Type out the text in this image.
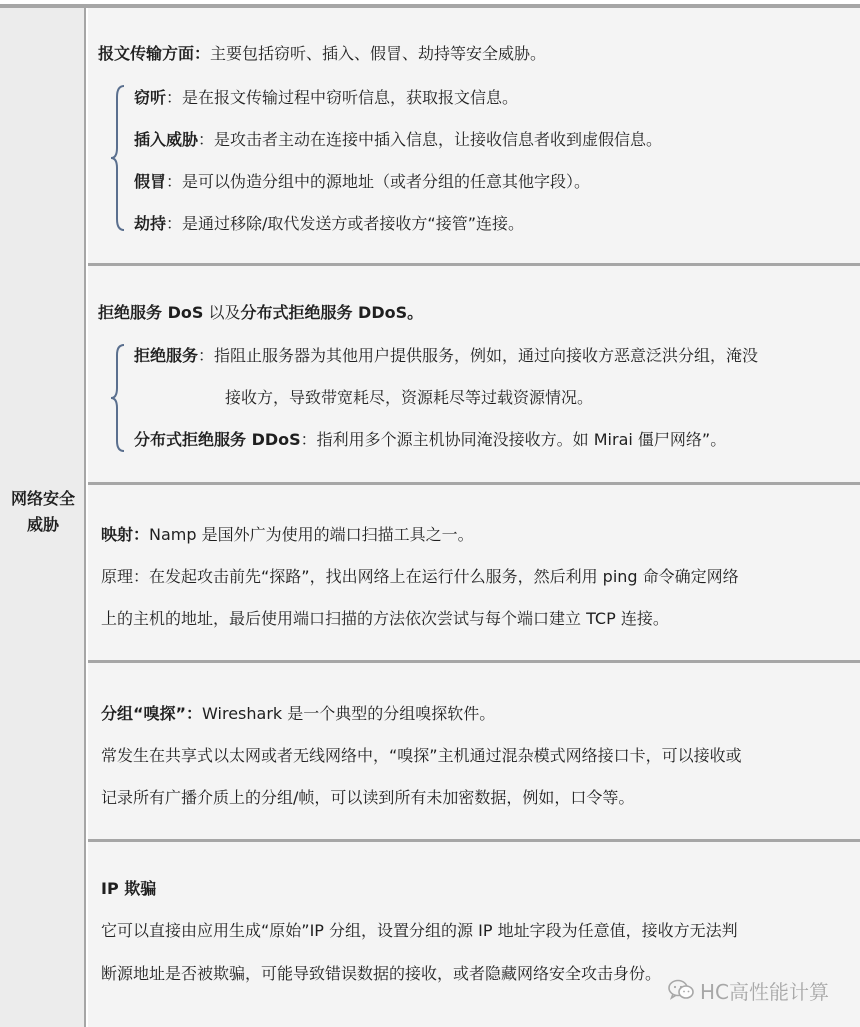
网络安全
威胁
报文传输方面：主要包括窃听、插入、假冒、劫持等安全威胁。
窃听：是在报文传输过程中窃听信息，获取报文信息。
插入威胁：是攻击者主动在连接中插入信息，让接收信息者收到虚假信息。
假冒：是可以伪造分组中的源地址（或者分组的任意其他字段）。
劫持：是通过移除/取代发送方或者接收方“接管”连接。
拒绝服务 DoS 以及分布式拒绝服务 DDoS。
拒绝服务：指阻止服务器为其他用户提供服务，例如，通过向接收方恶意泛洪分组，淹没
接收方，导致带宽耗尽，资源耗尽等过载资源情况。
分布式拒绝服务 DDoS：指利用多个源主机协同淹没接收方。如 Mirai 僵尸网络”。
映射：Namp 是国外广为使用的端口扫描工具之一。
原理：在发起攻击前先“探路”，找出网络上在运行什么服务，然后利用 ping 命令确定网络
上的主机的地址，最后使用端口扫描的方法依次尝试与每个端口建立 TCP 连接。
分组“嗅探”：Wireshark 是一个典型的分组嗅探软件。
常发生在共享式以太网或者无线网络中，“嗅探”主机通过混杂模式网络接口卡，可以接收或
记录所有广播介质上的分组/帧，可以读到所有未加密数据，例如，口令等。
IP 欺骗
它可以直接由应用生成“原始”IP 分组，设置分组的源 IP 地址字段为任意值，接收方无法判
断源地址是否被欺骗，可能导致错误数据的接收，或者隐藏网络安全攻击身份。
HC高性能计算
